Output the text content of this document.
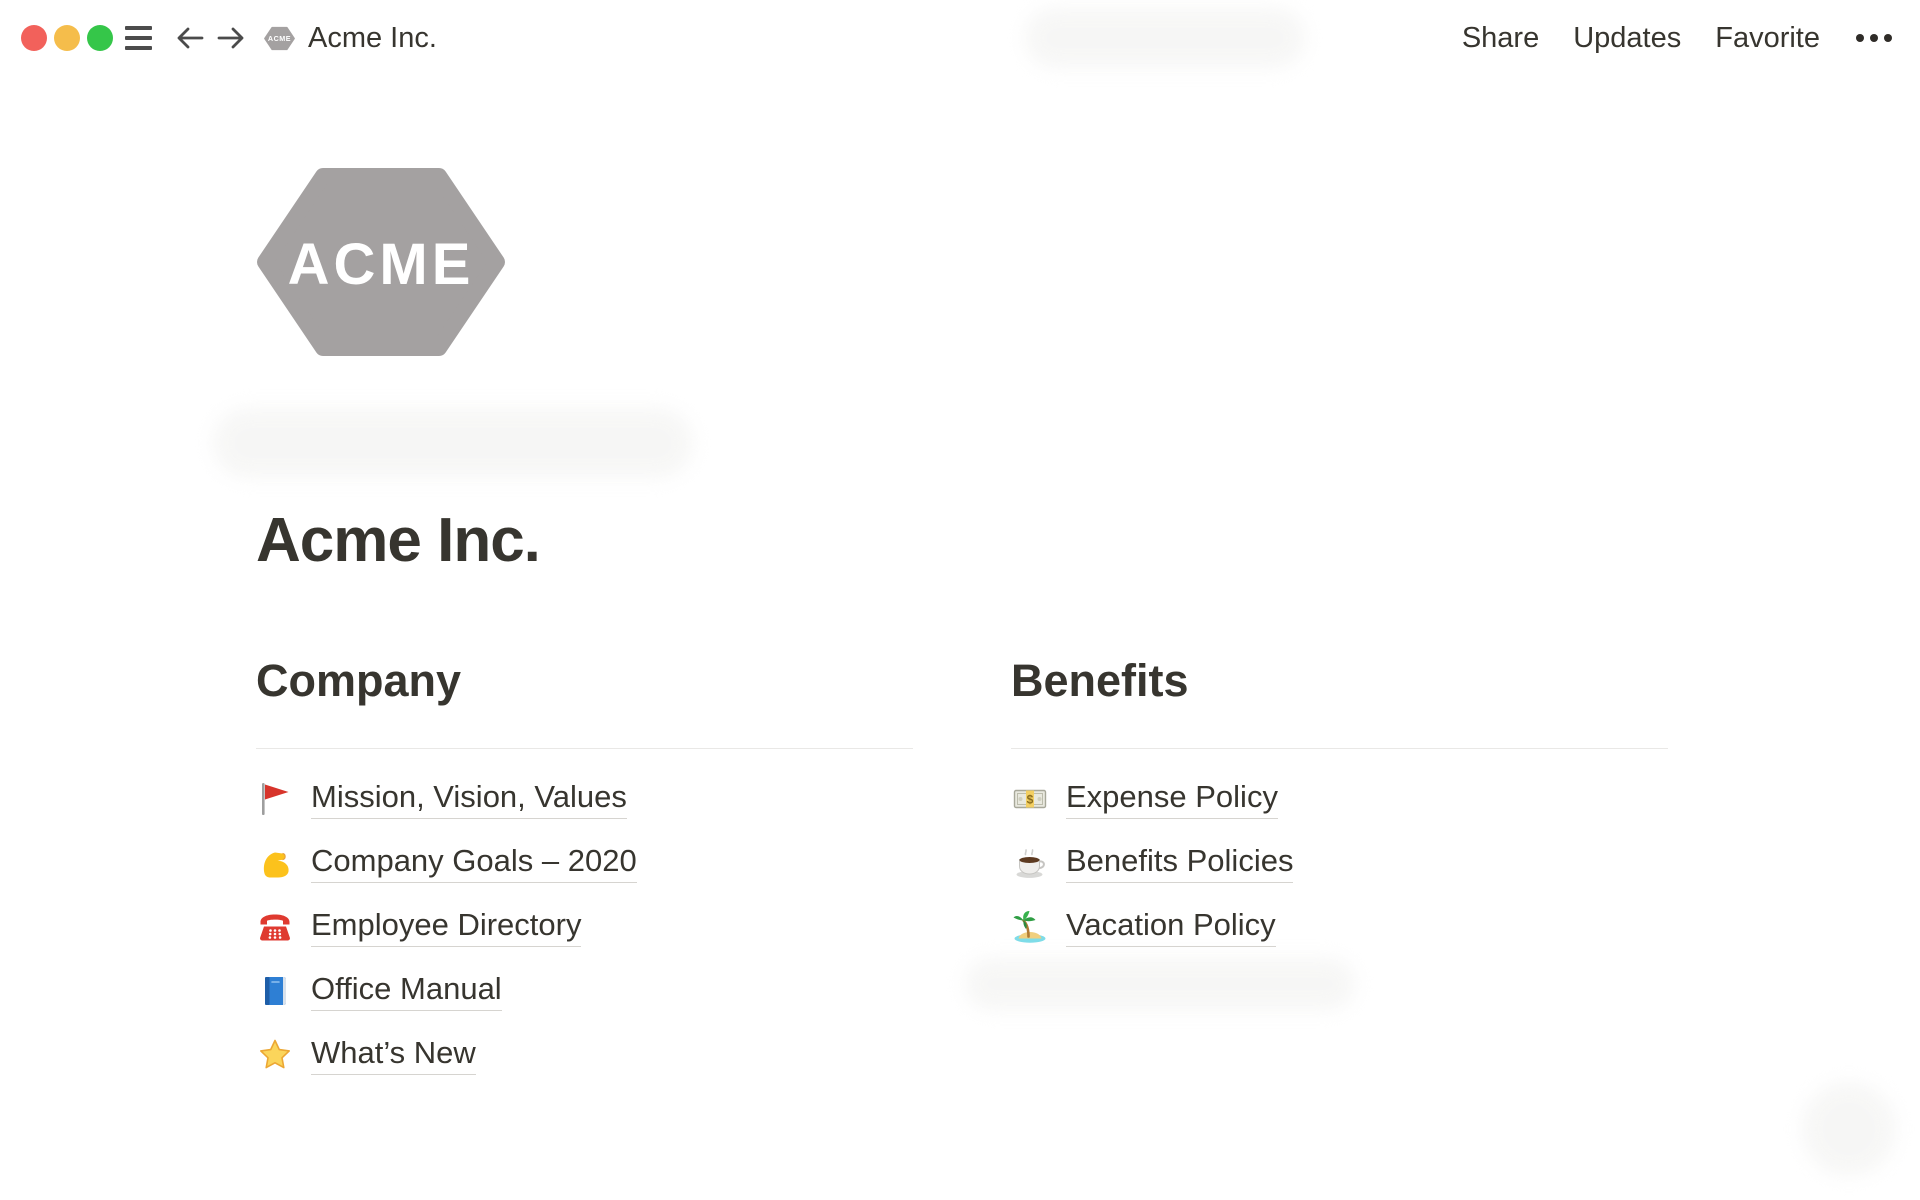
ACME Acme Inc.	Share Updates Favorite
ACME
Acme Inc.
Company
Mission, Vision, Values
Company Goals – 2020
Employee Directory
Office Manual
What’s New
Benefits
$ Expense Policy
Benefits Policies
Vacation Policy
